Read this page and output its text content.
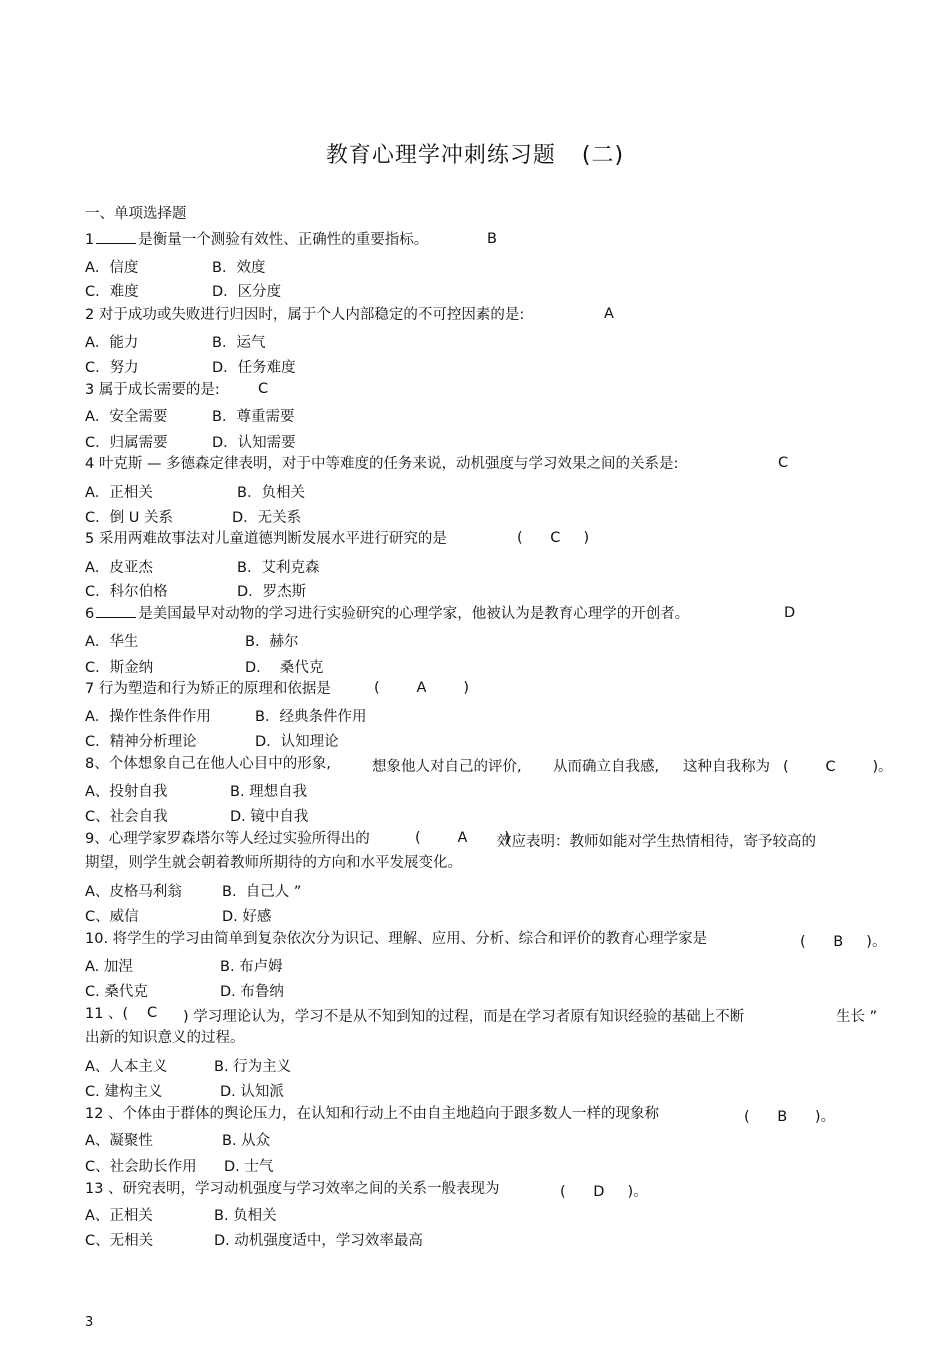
教育心理学冲刺练习题 (二)
一、单项选择题
1	是衡量一个测验有效性、正确性的重要指标。	B
A．信度	B．效度
C．难度	D．区分度
2 对于成功或失败进行归因时，属于个人内部稳定的不可控因素的是:	A
A．能力	B．运气
C．努力	D．任务难度
3 属于成长需要的是:	C
A．安全需要	B．尊重需要
C．归属需要	D．认知需要
4 叶克斯 — 多德森定律表明，对于中等难度的任务来说，动机强度与学习效果之间的关系是:	C
A．正相关	B．负相关
C．倒 U 关系	D．无关系
5 采用两难故事法对儿童道德判断发展水平进行研究的是	(      C     )
A．皮亚杰	B．艾利克森
C．科尔伯格	D．罗杰斯
6	是美国最早对动物的学习进行实验研究的心理学家，他被认为是教育心理学的开创者。	D
A．华生	B．赫尔
C．斯金纳	D．  桑代克
7 行为塑造和行为矫正的原理和依据是	(        A        )
A．操作性条件作用	B．经典条件作用
C．精神分析理论	D．认知理论
8、个体想象自己在他人心目中的形象,	想象他人对自己的评价, 从而确立自我感, 这种自我称为 (        C        )。
A、投射自我	B. 理想自我
C、社会自我	D. 镜中自我
9、心理学家罗森塔尔等人经过实验所得出的	(        A        )
效应表明：教师如能对学生热情相待，寄予较高的
期望，则学生就会朝着教师所期待的方向和水平发展变化。
A、皮格马利翁	B.  自己人 ”
C、威信	D. 好感
10. 将学生的学习由简单到复杂依次分为识记、理解、应用、分析、综合和评价的教育心理学家是	(      B     )。
A. 加涅	B. 布卢姆
C. 桑代克	D. 布鲁纳
11 、( C ) 学习理论认为，学习不是从不知到知的过程，而是在学习者原有知识经验的基础上不断	生长 ”
出新的知识意义的过程。
A、人本主义	B. 行为主义
C. 建构主义	D. 认知派
12 、个体由于群体的舆论压力，在认知和行动上不由自主地趋向于跟多数人一样的现象称	(      B      )。
A、凝聚性	B. 从众
C、社会助长作用 D. 士气
13 、研究表明，学习动机强度与学习效率之间的关系一般表现为	(      D     )。
A、正相关	B. 负相关
C、无相关	D. 动机强度适中，学习效率最高
3
